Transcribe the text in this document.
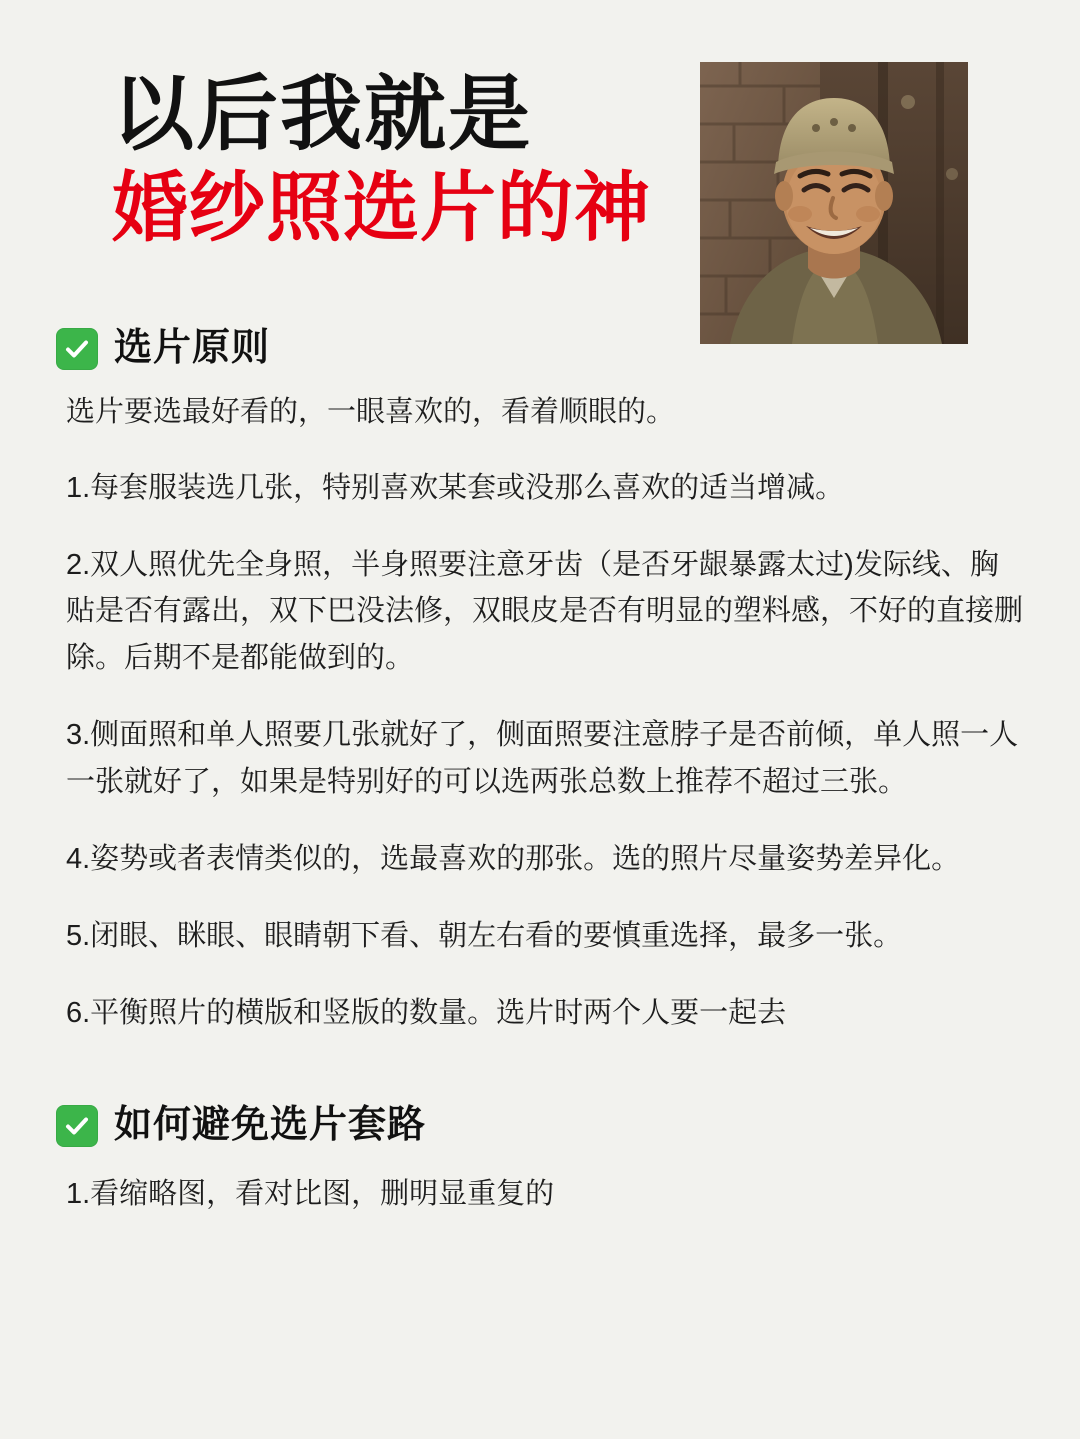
以后我就是
婚纱照选片的神
选片原则

选片要选最好看的，一眼喜欢的，看着顺眼的。

1.每套服装选几张，特别喜欢某套或没那么喜欢的适当增减。

2.双人照优先全身照，半身照要注意牙齿（是否牙龈暴露太过)发际线、胸贴是否有露出，双下巴没法修，双眼皮是否有明显的塑料感，不好的直接删除。后期不是都能做到的。

3.侧面照和单人照要几张就好了，侧面照要注意脖子是否前倾，单人照一人一张就好了，如果是特别好的可以选两张总数上推荐不超过三张。

4.姿势或者表情类似的，选最喜欢的那张。选的照片尽量姿势差异化。

5.闭眼、眯眼、眼睛朝下看、朝左右看的要慎重选择，最多一张。

6.平衡照片的横版和竖版的数量。选片时两个人要一起去

如何避免选片套路

1.看缩略图，看对比图，删明显重复的
